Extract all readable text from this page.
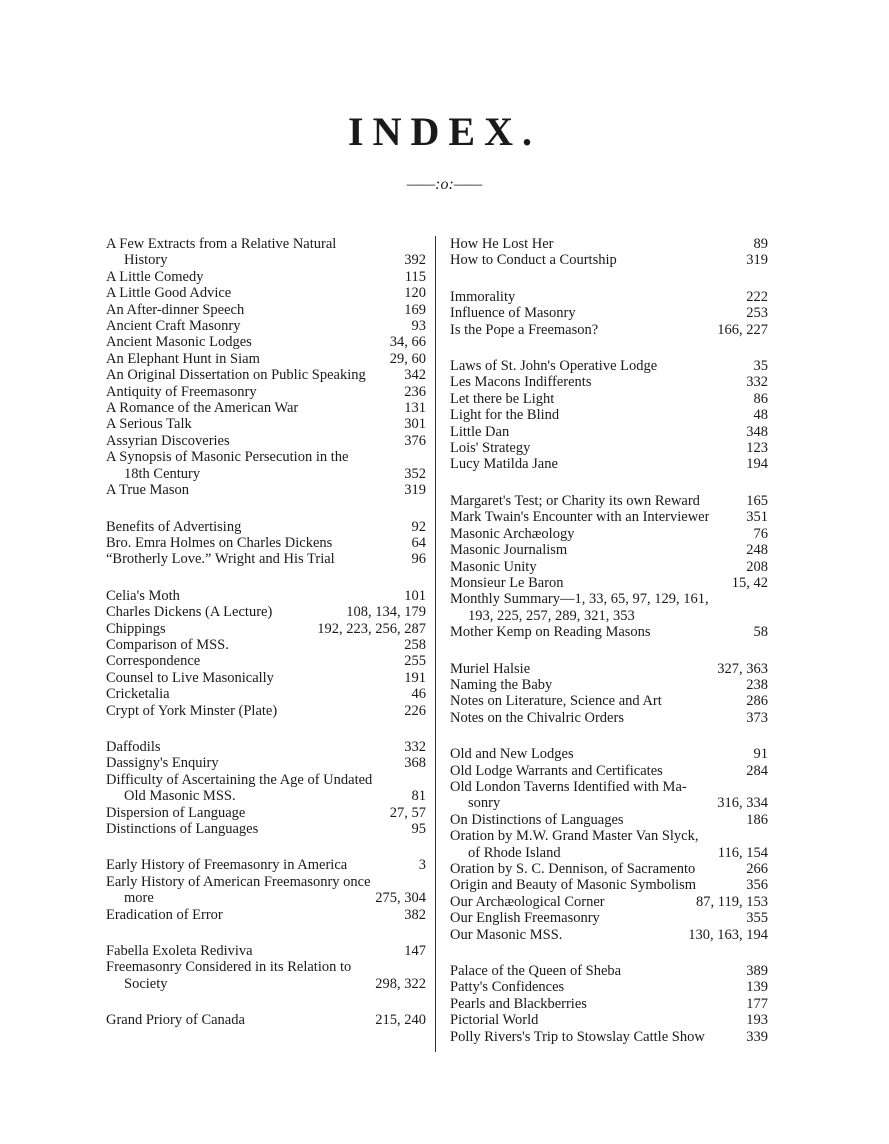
INDEX.
——:o:——
A Few Extracts from a Relative Natural
History	392
A Little Comedy	115
A Little Good Advice	120
An After-dinner Speech	169
Ancient Craft Masonry	93
Ancient Masonic Lodges	34, 66
An Elephant Hunt in Siam	29, 60
An Original Dissertation on Public Speaking	342
Antiquity of Freemasonry	236
A Romance of the American War	131
A Serious Talk	301
Assyrian Discoveries	376
A Synopsis of Masonic Persecution in the
18th Century	352
A True Mason	319
Benefits of Advertising	92
Bro. Emra Holmes on Charles Dickens	64
“Brotherly Love.” Wright and His Trial	96
Celia's Moth	101
Charles Dickens (A Lecture)	108, 134, 179
Chippings	192, 223, 256, 287
Comparison of MSS.	258
Correspondence	255
Counsel to Live Masonically	191
Cricketalia	46
Crypt of York Minster (Plate)	226
Daffodils	332
Dassigny's Enquiry	368
Difficulty of Ascertaining the Age of Undated
Old Masonic MSS.	81
Dispersion of Language	27, 57
Distinctions of Languages	95
Early History of Freemasonry in America	3
Early History of American Freemasonry once
more	275, 304
Eradication of Error	382
Fabella Exoleta Rediviva	147
Freemasonry Considered in its Relation to
Society	298, 322
Grand Priory of Canada	215, 240
How He Lost Her	89
How to Conduct a Courtship	319
Immorality	222
Influence of Masonry	253
Is the Pope a Freemason?	166, 227
Laws of St. John's Operative Lodge	35
Les Macons Indifferents	332
Let there be Light	86
Light for the Blind	48
Little Dan	348
Lois' Strategy	123
Lucy Matilda Jane	194
Margaret's Test; or Charity its own Reward	165
Mark Twain's Encounter with an Interviewer	351
Masonic Archæology	76
Masonic Journalism	248
Masonic Unity	208
Monsieur Le Baron	15, 42
Monthly Summary—1, 33, 65, 97, 129, 161,
193, 225, 257, 289, 321, 353
Mother Kemp on Reading Masons	58
Muriel Halsie	327, 363
Naming the Baby	238
Notes on Literature, Science and Art	286
Notes on the Chivalric Orders	373
Old and New Lodges	91
Old Lodge Warrants and Certificates	284
Old London Taverns Identified with Ma-
sonry	316, 334
On Distinctions of Languages	186
Oration by M.W. Grand Master Van Slyck,
of Rhode Island	116, 154
Oration by S. C. Dennison, of Sacramento	266
Origin and Beauty of Masonic Symbolism	356
Our Archæological Corner	87, 119, 153
Our English Freemasonry	355
Our Masonic MSS.	130, 163, 194
Palace of the Queen of Sheba	389
Patty's Confidences	139
Pearls and Blackberries	177
Pictorial World	193
Polly Rivers's Trip to Stowslay Cattle Show	339
